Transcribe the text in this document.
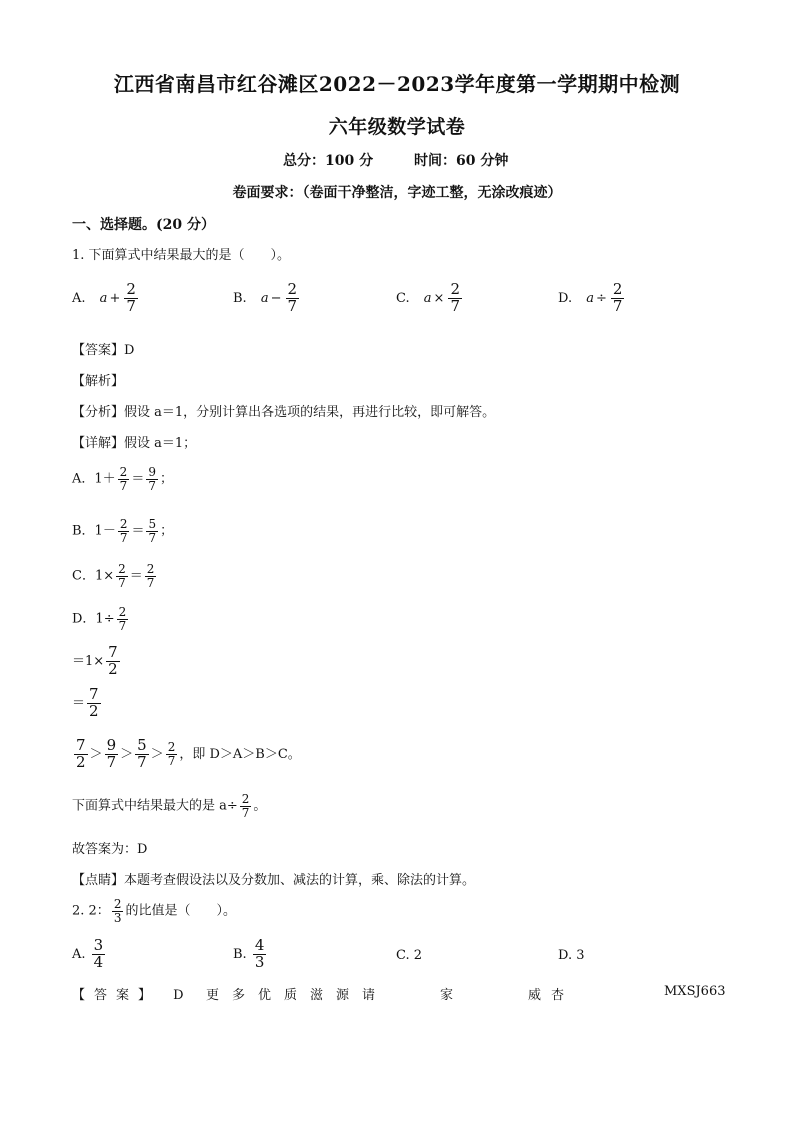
江西省南昌市红谷滩区2022－2023学年度第一学期期中检测
六年级数学试卷
总分：100 分	时间：60 分钟
卷面要求：（卷面干净整洁，字迹工整，无涂改痕迹）
一、选择题。(20 分）
1. 下面算式中结果最大的是（　　）。
A. $a + \frac{2}{7}$	B. $a - \frac{2}{7}$	C. $a \times \frac{2}{7}$	D. $a \div \frac{2}{7}$
【答案】D
【解析】
【分析】假设 a＝1，分别计算出各选项的结果，再进行比较，即可解答。
【详解】假设 a＝1；
A．$1+ \frac{2}{7} = \frac{9}{7}$ ；
B．$1- \frac{2}{7} = \frac{5}{7}$ ；
C．$1\times \frac{2}{7} = \frac{2}{7}$
D．$1\div \frac{2}{7}$
$=1\times \frac{7}{2}$
＝ $\frac{7}{2}$
$\frac{7}{2} > \frac{9}{7} > \frac{5}{7} > \frac{2}{7}$ ，即 D＞A＞B＞C。
下面算式中结果最大的是 $a\div \frac{2}{7}$ 。
故答案为：D
【点睛】本题考查假设法以及分数加、减法的计算，乘、除法的计算。
2. 2： $\frac{2}{3}$ 的比值是（　　）。
A. $\frac{3}{4}$	B. $\frac{4}{3}$	C. 2	D. 3
【答案】 D 更多优质滋源请	家	威杏	MXSJ663
